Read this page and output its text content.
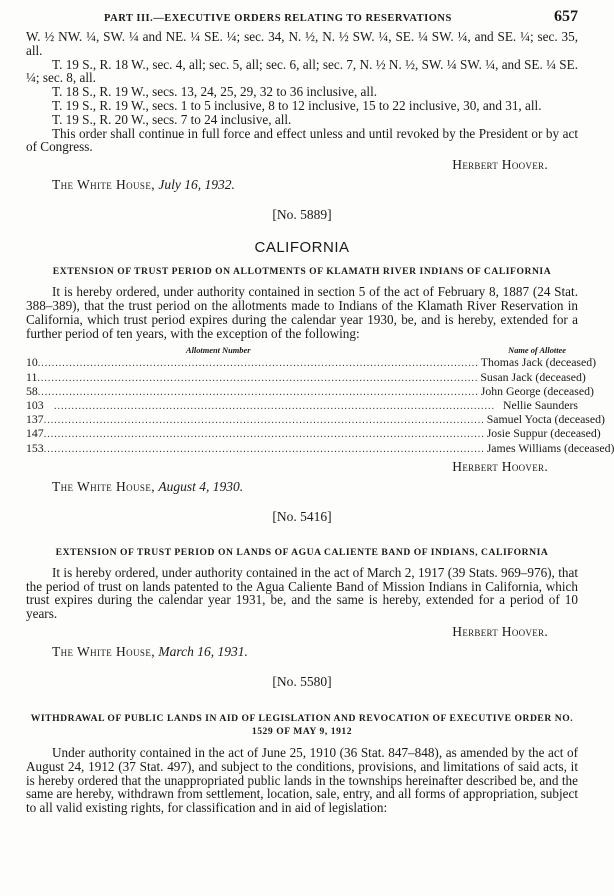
PART III.—EXECUTIVE ORDERS RELATING TO RESERVATIONS	657

W. ½ NW. ¼, SW. ¼ and NE. ¼ SE. ¼; sec. 34, N. ½, N. ½ SW. ¼, SE. ¼ SW. ¼, and SE. ¼; sec. 35, all.

T. 19 S., R. 18 W., sec. 4, all; sec. 5, all; sec. 6, all; sec. 7, N. ½ N. ½, SW. ¼ SW. ¼, and SE. ¼ SE. ¼; sec. 8, all.

T. 18 S., R. 19 W., secs. 13, 24, 25, 29, 32 to 36 inclusive, all.

T. 19 S., R. 19 W., secs. 1 to 5 inclusive, 8 to 12 inclusive, 15 to 22 inclusive, 30, and 31, all.

T. 19 S., R. 20 W., secs. 7 to 24 inclusive, all.

This order shall continue in full force and effect unless and until revoked by the President or by act of Congress.

Herbert Hoover.
The White House, July 16, 1932.
[No. 5889]
CALIFORNIA
EXTENSION OF TRUST PERIOD ON ALLOTMENTS OF KLAMATH RIVER INDIANS OF CALIFORNIA

It is hereby ordered, under authority contained in section 5 of the act of February 8, 1887 (24 Stat. 388–389), that the trust period on the allotments made to Indians of the Klamath River Reservation in California, which trust period expires during the calendar year 1930, be, and is hereby, extended for a further period of ten years, with the exception of the following:

Allotment Number	Name of Allottee
10 .............................................................................................................................. Thomas Jack (deceased)
11 .............................................................................................................................. Susan Jack (deceased)
58 .............................................................................................................................. John George (deceased)
103	.............................................................................................................................. Nellie Saunders
137 .............................................................................................................................. Samuel Yocta (deceased)
147 .............................................................................................................................. Josie Suppur (deceased)
153 .............................................................................................................................. James Williams (deceased)
Herbert Hoover.
The White House, August 4, 1930.
[No. 5416]
EXTENSION OF TRUST PERIOD ON LANDS OF AGUA CALIENTE BAND OF INDIANS, CALIFORNIA

It is hereby ordered, under authority contained in the act of March 2, 1917 (39 Stats. 969–976), that the period of trust on lands patented to the Agua Caliente Band of Mission Indians in California, which trust expires during the calendar year 1931, be, and the same is hereby, extended for a period of 10 years.

Herbert Hoover.
The White House, March 16, 1931.
[No. 5580]
WITHDRAWAL OF PUBLIC LANDS IN AID OF LEGISLATION AND REVOCATION OF EXECUTIVE ORDER NO. 1529 OF MAY 9, 1912

Under authority contained in the act of June 25, 1910 (36 Stat. 847–848), as amended by the act of August 24, 1912 (37 Stat. 497), and subject to the conditions, provisions, and limitations of said acts, it is hereby ordered that the unappropriated public lands in the townships hereinafter described be, and the same are hereby, withdrawn from settlement, location, sale, entry, and all forms of appropriation, subject to all valid existing rights, for classification and in aid of legislation:
